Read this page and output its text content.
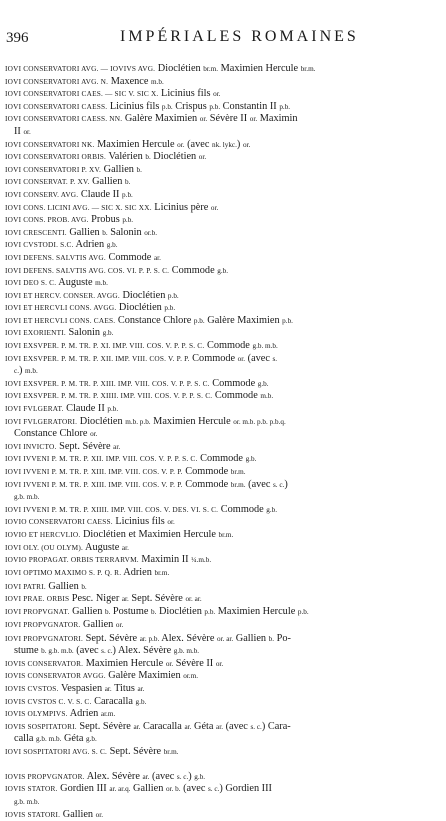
396	IMPÉRIALES ROMAINES
IOVI CONSERVATORI AVG. — IOVIVS AVG. Dioclétien br.m. Maximien Hercule br.m.
IOVI CONSERVATORI AVG. N. Maxence m.b.
IOVI CONSERVATORI CAES. — SIC V. SIC X. Licinius fils or.
IOVI CONSERVATORI CAESS. Licinius fils p.b. Crispus p.b. Constantin II p.b.
IOVI CONSERVATORI CAESS. NN. Galère Maximien or. Sévère II or. Maximin
II or.
IOVI CONSERVATORI NK. Maximien Hercule or. (avec nk. lykc.) or.
IOVI CONSERVATORI ORBIS. Valérien b. Dioclétien or.
IOVI CONSERVATORI P. XV. Gallien b.
IOVI CONSERVAT. P. XV. Gallien b.
IOVI CONSERV. AVG. Claude II p.b.
IOVI CONS. LICINI AVG. — SIC X. SIC XX. Licinius père or.
IOVI CONS. PROB. AVG. Probus p.b.
IOVI CRESCENTI. Gallien b. Salonin or.b.
IOVI CVSTODI. S.C. Adrien g.b.
IOVI DEFENS. SALVTIS AVG. Commode ar.
IOVI DEFENS. SALVTIS AVG. COS. VI. P. P. S. C. Commode g.b.
IOVI DEO S. C. Auguste m.b.
IOVI ET HERCV. CONSER. AVGG. Dioclétien p.b.
IOVI ET HERCVLI CONS. AVGG. Dioclétien p.b.
IOVI ET HERCVLI CONS. CAES. Constance Chlore p.b. Galère Maximien p.b.
IOVI EXORIENTI. Salonin g.b.
IOVI EXSVPER. P. M. TR. P. XI. IMP. VIII. COS. V. P. P. S. C. Commode g.b. m.b.
IOVI EXSVPER. P. M. TR. P. XII. IMP. VIII. COS. V. P. P. Commode or. (avec s.
c.) m.b.
IOVI EXSVPER. P. M. TR. P. XIII. IMP. VIII. COS. V. P. P. S. C. Commode g.b.
IOVI EXSVPER. P. M. TR. P. XIIII. IMP. VIII. COS. V. P. P. S. C. Commode m.b.
IOVI FVLGERAT. Claude II p.b.
IOVI FVLGERATORI. Dioclétien m.b. p.b. Maximien Hercule or. m.b. p.b. p.b.q.
Constance Chlore or.
IOVI INVICTO. Sept. Sévère ar.
IOVI IVVENI P. M. TR. P. XII. IMP. VIII. COS. V. P. P. S. C. Commode g.b.
IOVI IVVENI P. M. TR. P. XIII. IMP. VIII. COS. V. P. P. Commode br.m.
IOVI IVVENI P. M. TR. P. XIII. IMP. VIII. COS. V. P. P. Commode br.m. (avec s. c.)
g.b. m.b.
IOVI IVVENI P. M. TR. P. XIIII. IMP. VIII. COS. V. DES. VI. S. C. Commode g.b.
IOVIO CONSERVATORI CAESS. Licinius fils or.
IOVIO ET HERCVLIO. Dioclétien et Maximien Hercule br.m.
IOVI OLY. (OU OLYM). Auguste ar.
IOVIO PROPAGAT. ORBIS TERRARVM. Maximin II ¼.m.b.
IOVI OPTIMO MAXIMO S. P. Q. R. Adrien br.m.
IOVI PATRI. Gallien b.
IOVI PRAE. ORBIS Pesc. Niger ar. Sept. Sévère or. ar.
IOVI PROPVGNAT. Gallien b. Postume b. Dioclétien p.b. Maximien Hercule p.b.
IOVI PROPVGNATOR. Gallien or.
IOVI PROPVGNATORI. Sept. Sévère ar. p.b. Alex. Sévère or. ar. Gallien b. Po-
stume b. g.b. m.b. (avec s. c.) Alex. Sévère g.b. m.b.
IOVIS CONSERVATOR. Maximien Hercule or. Sévère II or.
IOVIS CONSERVATOR AVGG. Galère Maximien or.m.
IOVIS CVSTOS. Vespasien ar. Titus ar.
IOVIS CVSTOS C. V. S. C. Caracalla g.b.
IOVIS OLYMPIVS. Adrien ar.m.
IOVIS SOSPITATORI. Sept. Sévère ar. Caracalla ar. Géta ar. (avec s. c.) Cara-
calla g.b. m.b. Géta g.b.
IOVI SOSPITATORI AVG. S. C. Sept. Sévère br.m.
IOVIS PROPVGNATOR. Alex. Sévère ar. (avec s. c.) g.b.
IOVIS STATOR. Gordien III ar. ar.q. Gallien or. b. (avec s. c.) Gordien III
g.b. m.b.
IOVIS STATORI. Gallien or.
